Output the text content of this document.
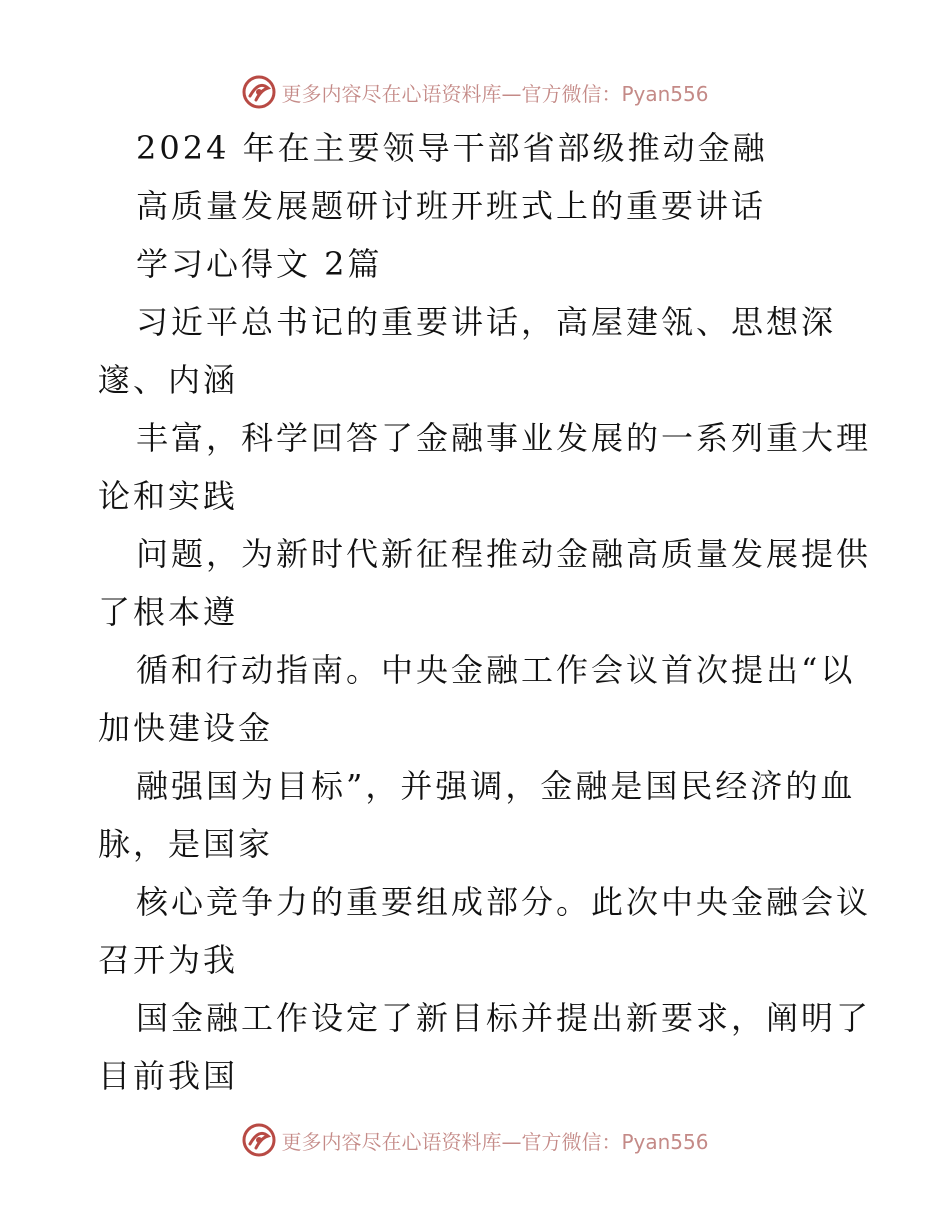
更多内容尽在心语资料库—官方微信：Pyan556
2024 年在主要领导干部省部级推动金融
高质量发展题研讨班开班式上的重要讲话
学习心得文 2篇
习近平总书记的重要讲话，高屋建瓴、思想深
邃、内涵
丰富，科学回答了金融事业发展的一系列重大理
论和实践
问题，为新时代新征程推动金融高质量发展提供
了根本遵
循和行动指南。中央金融工作会议首次提出“以
加快建设金
融强国为目标”，并强调，金融是国民经济的血
脉，是国家
核心竞争力的重要组成部分。此次中央金融会议
召开为我
国金融工作设定了新目标并提出新要求，阐明了
目前我国
更多内容尽在心语资料库—官方微信：Pyan556
